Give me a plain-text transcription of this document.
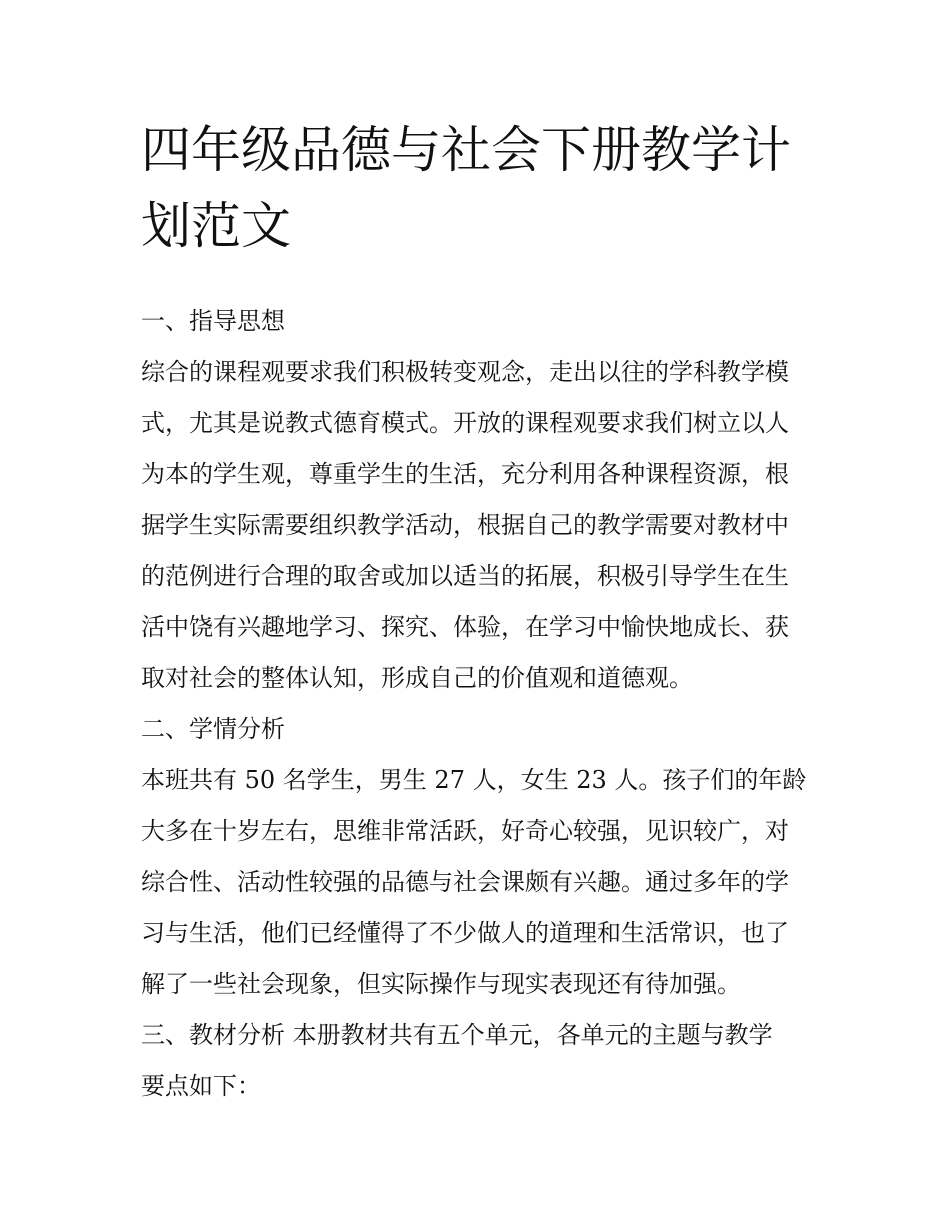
四年级品德与社会下册教学计
划范文

一、指导思想

综合的课程观要求我们积极转变观念，走出以往的学科教学模

式，尤其是说教式德育模式。开放的课程观要求我们树立以人

为本的学生观，尊重学生的生活，充分利用各种课程资源，根

据学生实际需要组织教学活动，根据自己的教学需要对教材中

的范例进行合理的取舍或加以适当的拓展，积极引导学生在生

活中饶有兴趣地学习、探究、体验，在学习中愉快地成长、获

取对社会的整体认知，形成自己的价值观和道德观。

二、学情分析

本班共有 50 名学生，男生 27 人，女生 23 人。孩子们的年龄

大多在十岁左右，思维非常活跃，好奇心较强，见识较广，对

综合性、活动性较强的品德与社会课颇有兴趣。通过多年的学

习与生活，他们已经懂得了不少做人的道理和生活常识，也了

解了一些社会现象，但实际操作与现实表现还有待加强。

三、教材分析 本册教材共有五个单元，各单元的主题与教学

要点如下：
